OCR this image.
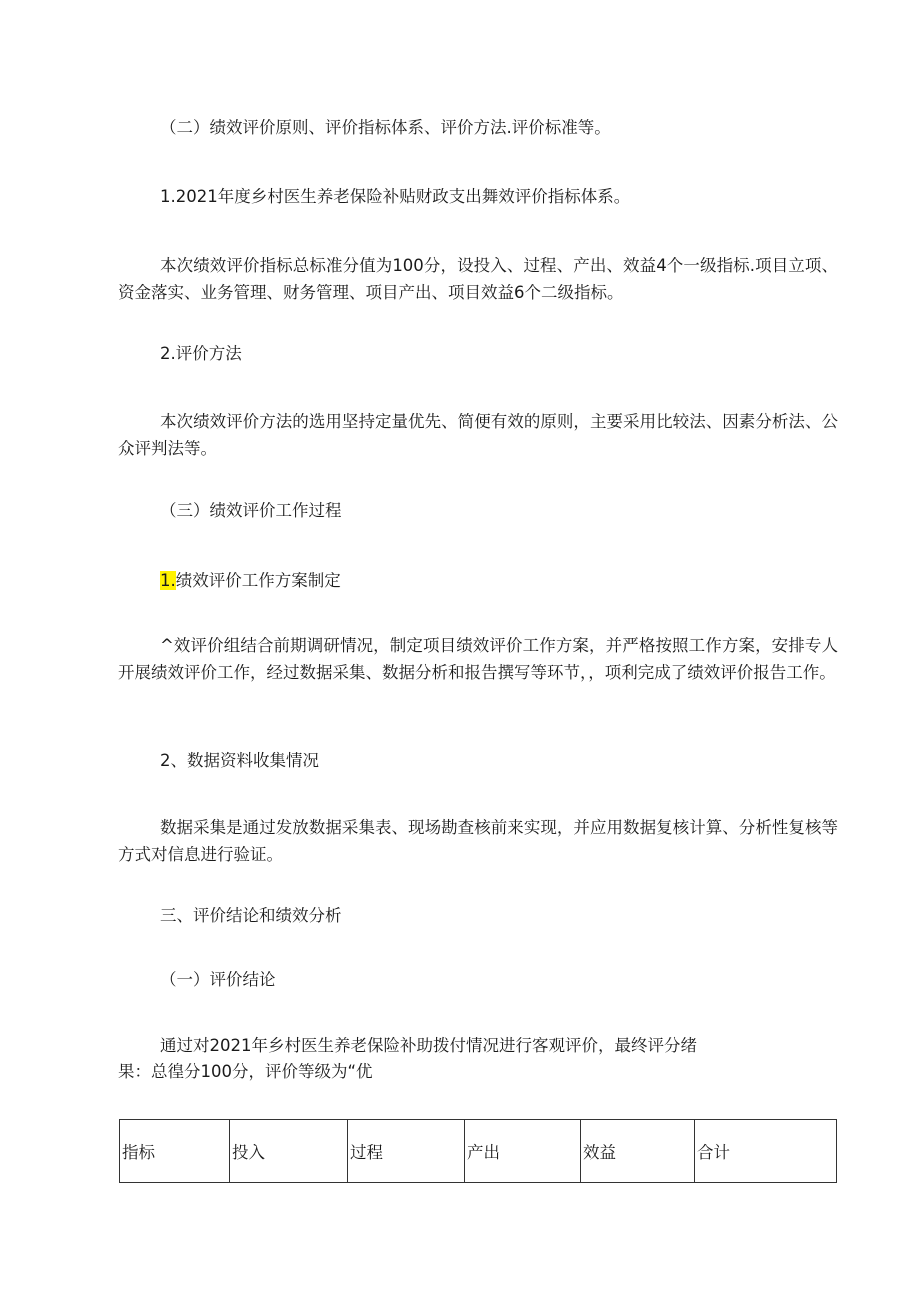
（二）绩效评价原则、评价指标体系、评价方法.评价标准等。
1.2021年度乡村医生养老保险补贴财政支出舞效评价指标体系。
本次绩效评价指标总标准分值为100分，设投入、过程、产出、效益4个一级指标.项目立项、资金落实、业务管理、财务管理、项目产出、项目效益6个二级指标。
2.评价方法
本次绩效评价方法的选用坚持定量优先、简便有效的原则，主要采用比较法、因素分析法、公众评判法等。
（三）绩效评价工作过程
1.绩效评价工作方案制定
^效评价组结合前期调研情况，制定项目绩效评价工作方案，并严格按照工作方案，安排专人开展绩效评价工作，经过数据采集、数据分析和报告撰写等环节，，项利完成了绩效评价报告工作。
2、数据资料收集情况
数据采集是通过发放数据采集表、现场勘查核前来实现，并应用数据复核计算、分析性复核等方式对信息进行验证。
三、评价结论和绩效分析
（一）评价结论
通过对2021年乡村医生养老保险补助拨付情况进行客观评价，最终评分绪
果：总徨分100分，评价等级为“优
指标	投入	过程	产出	效益	合计
